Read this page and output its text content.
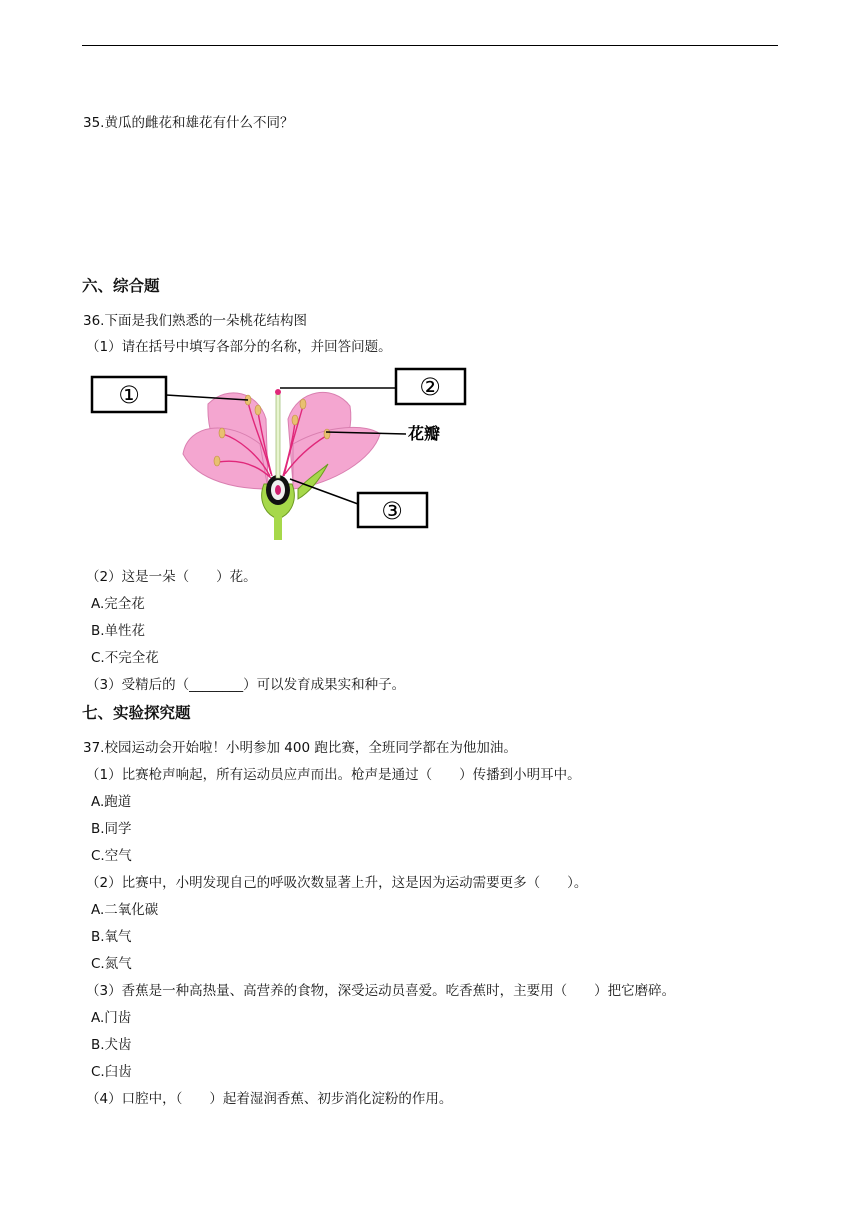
35.黄瓜的雌花和雄花有什么不同？
六、综合题
36.下面是我们熟悉的一朵桃花结构图
（1）请在括号中填写各部分的名称，并回答问题。
①	②
花瓣
③
（2）这是一朵（　　）花。
A.完全花
B.单性花
C.不完全花
（3）受精后的（________）可以发育成果实和种子。
七、实验探究题
37.校园运动会开始啦！小明参加 400 跑比赛，全班同学都在为他加油。
（1）比赛枪声响起，所有运动员应声而出。枪声是通过（　　）传播到小明耳中。
A.跑道
B.同学
C.空气
（2）比赛中，小明发现自己的呼吸次数显著上升，这是因为运动需要更多（　　）。
A.二氧化碳
B.氧气
C.氮气
（3）香蕉是一种高热量、高营养的食物，深受运动员喜爱。吃香蕉时，主要用（　　）把它磨碎。
A.门齿
B.犬齿
C.臼齿
（4）口腔中，（　　）起着湿润香蕉、初步消化淀粉的作用。
